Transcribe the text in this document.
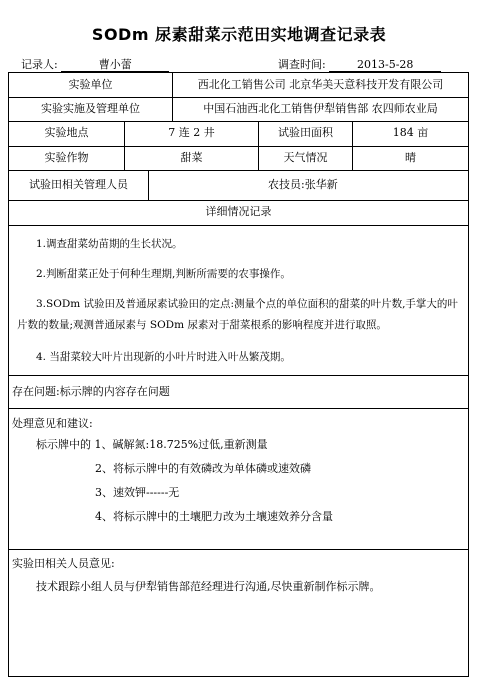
SODm 尿素甜菜示范田实地调查记录表
记录人:	曹小蕾	调查时间:	2013-5-28
实验单位	西北化工销售公司 北京华美天意科技开发有限公司
实验实施及管理单位	中国石油西北化工销售伊犁销售部 农四师农业局
实验地点	7 连 2 井	试验田面积	184 亩
实验作物	甜菜	天气情况	晴
试验田相关管理人员	农技员:张华新
详细情况记录
1.调查甜菜幼苗期的生长状况。
2.判断甜菜正处于何种生理期,判断所需要的农事操作。
3.SODm 试验田及普通尿素试验田的定点:测量个点的单位面积的甜菜的叶片数,手掌大的叶片数的数量;观测普通尿素与 SODm 尿素对于甜菜根系的影响程度并进行取照。
4. 当甜菜较大叶片出现新的小叶片时进入叶丛繁茂期。
存在问题:标示牌的内容存在问题
处理意见和建议:
标示牌中的 1、碱解氮:18.725%过低,重新测量
2、将标示牌中的有效磷改为单体磷或速效磷
3、速效钾------无
4、将标示牌中的土壤肥力改为土壤速效养分含量
实验田相关人员意见:
技术跟踪小组人员与伊犁销售部范经理进行沟通,尽快重新制作标示牌。
